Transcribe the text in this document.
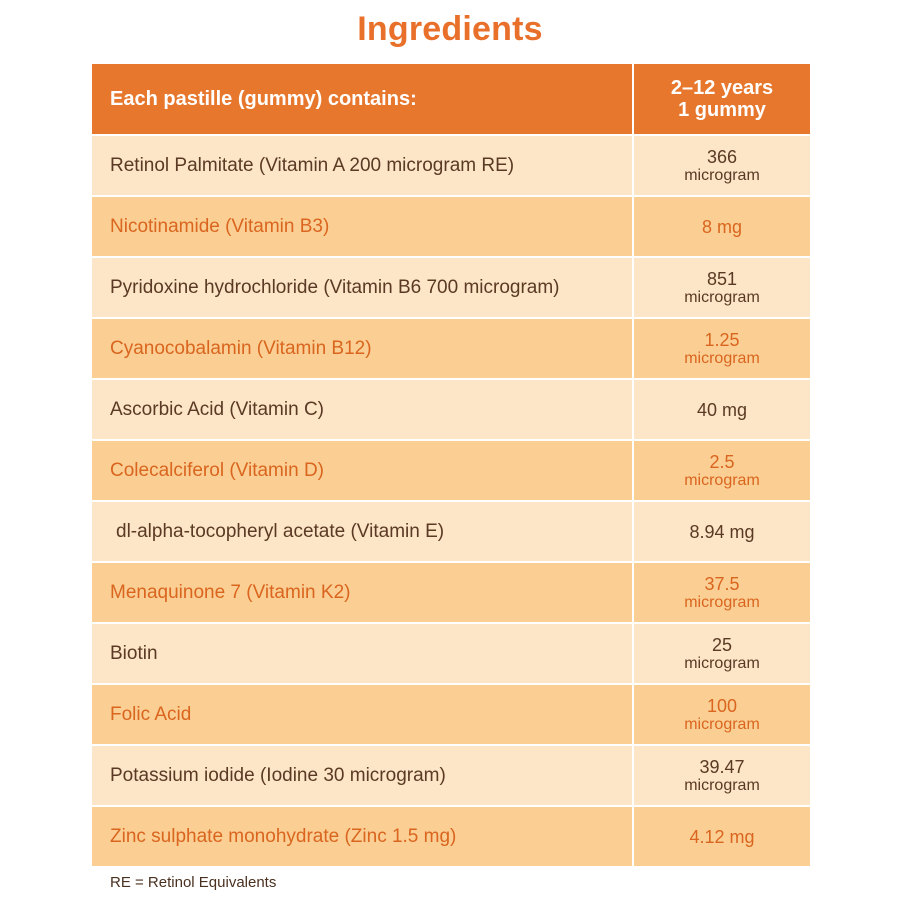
Ingredients
Each pastille (gummy) contains:	2–12 years
1 gummy
Retinol Palmitate (Vitamin A 200 microgram RE)	366
microgram
Nicotinamide (Vitamin B3)	8 mg
Pyridoxine hydrochloride (Vitamin B6 700 microgram)	851
microgram
Cyanocobalamin (Vitamin B12)	1.25
microgram
Ascorbic Acid (Vitamin C)	40 mg
Colecalciferol (Vitamin D)	2.5
microgram
dl-alpha-tocopheryl acetate (Vitamin E)	8.94 mg
Menaquinone 7 (Vitamin K2)	37.5
microgram
Biotin	25
microgram
Folic Acid	100
microgram
Potassium iodide (Iodine 30 microgram)	39.47
microgram
Zinc sulphate monohydrate (Zinc 1.5 mg)	4.12 mg
RE = Retinol Equivalents
